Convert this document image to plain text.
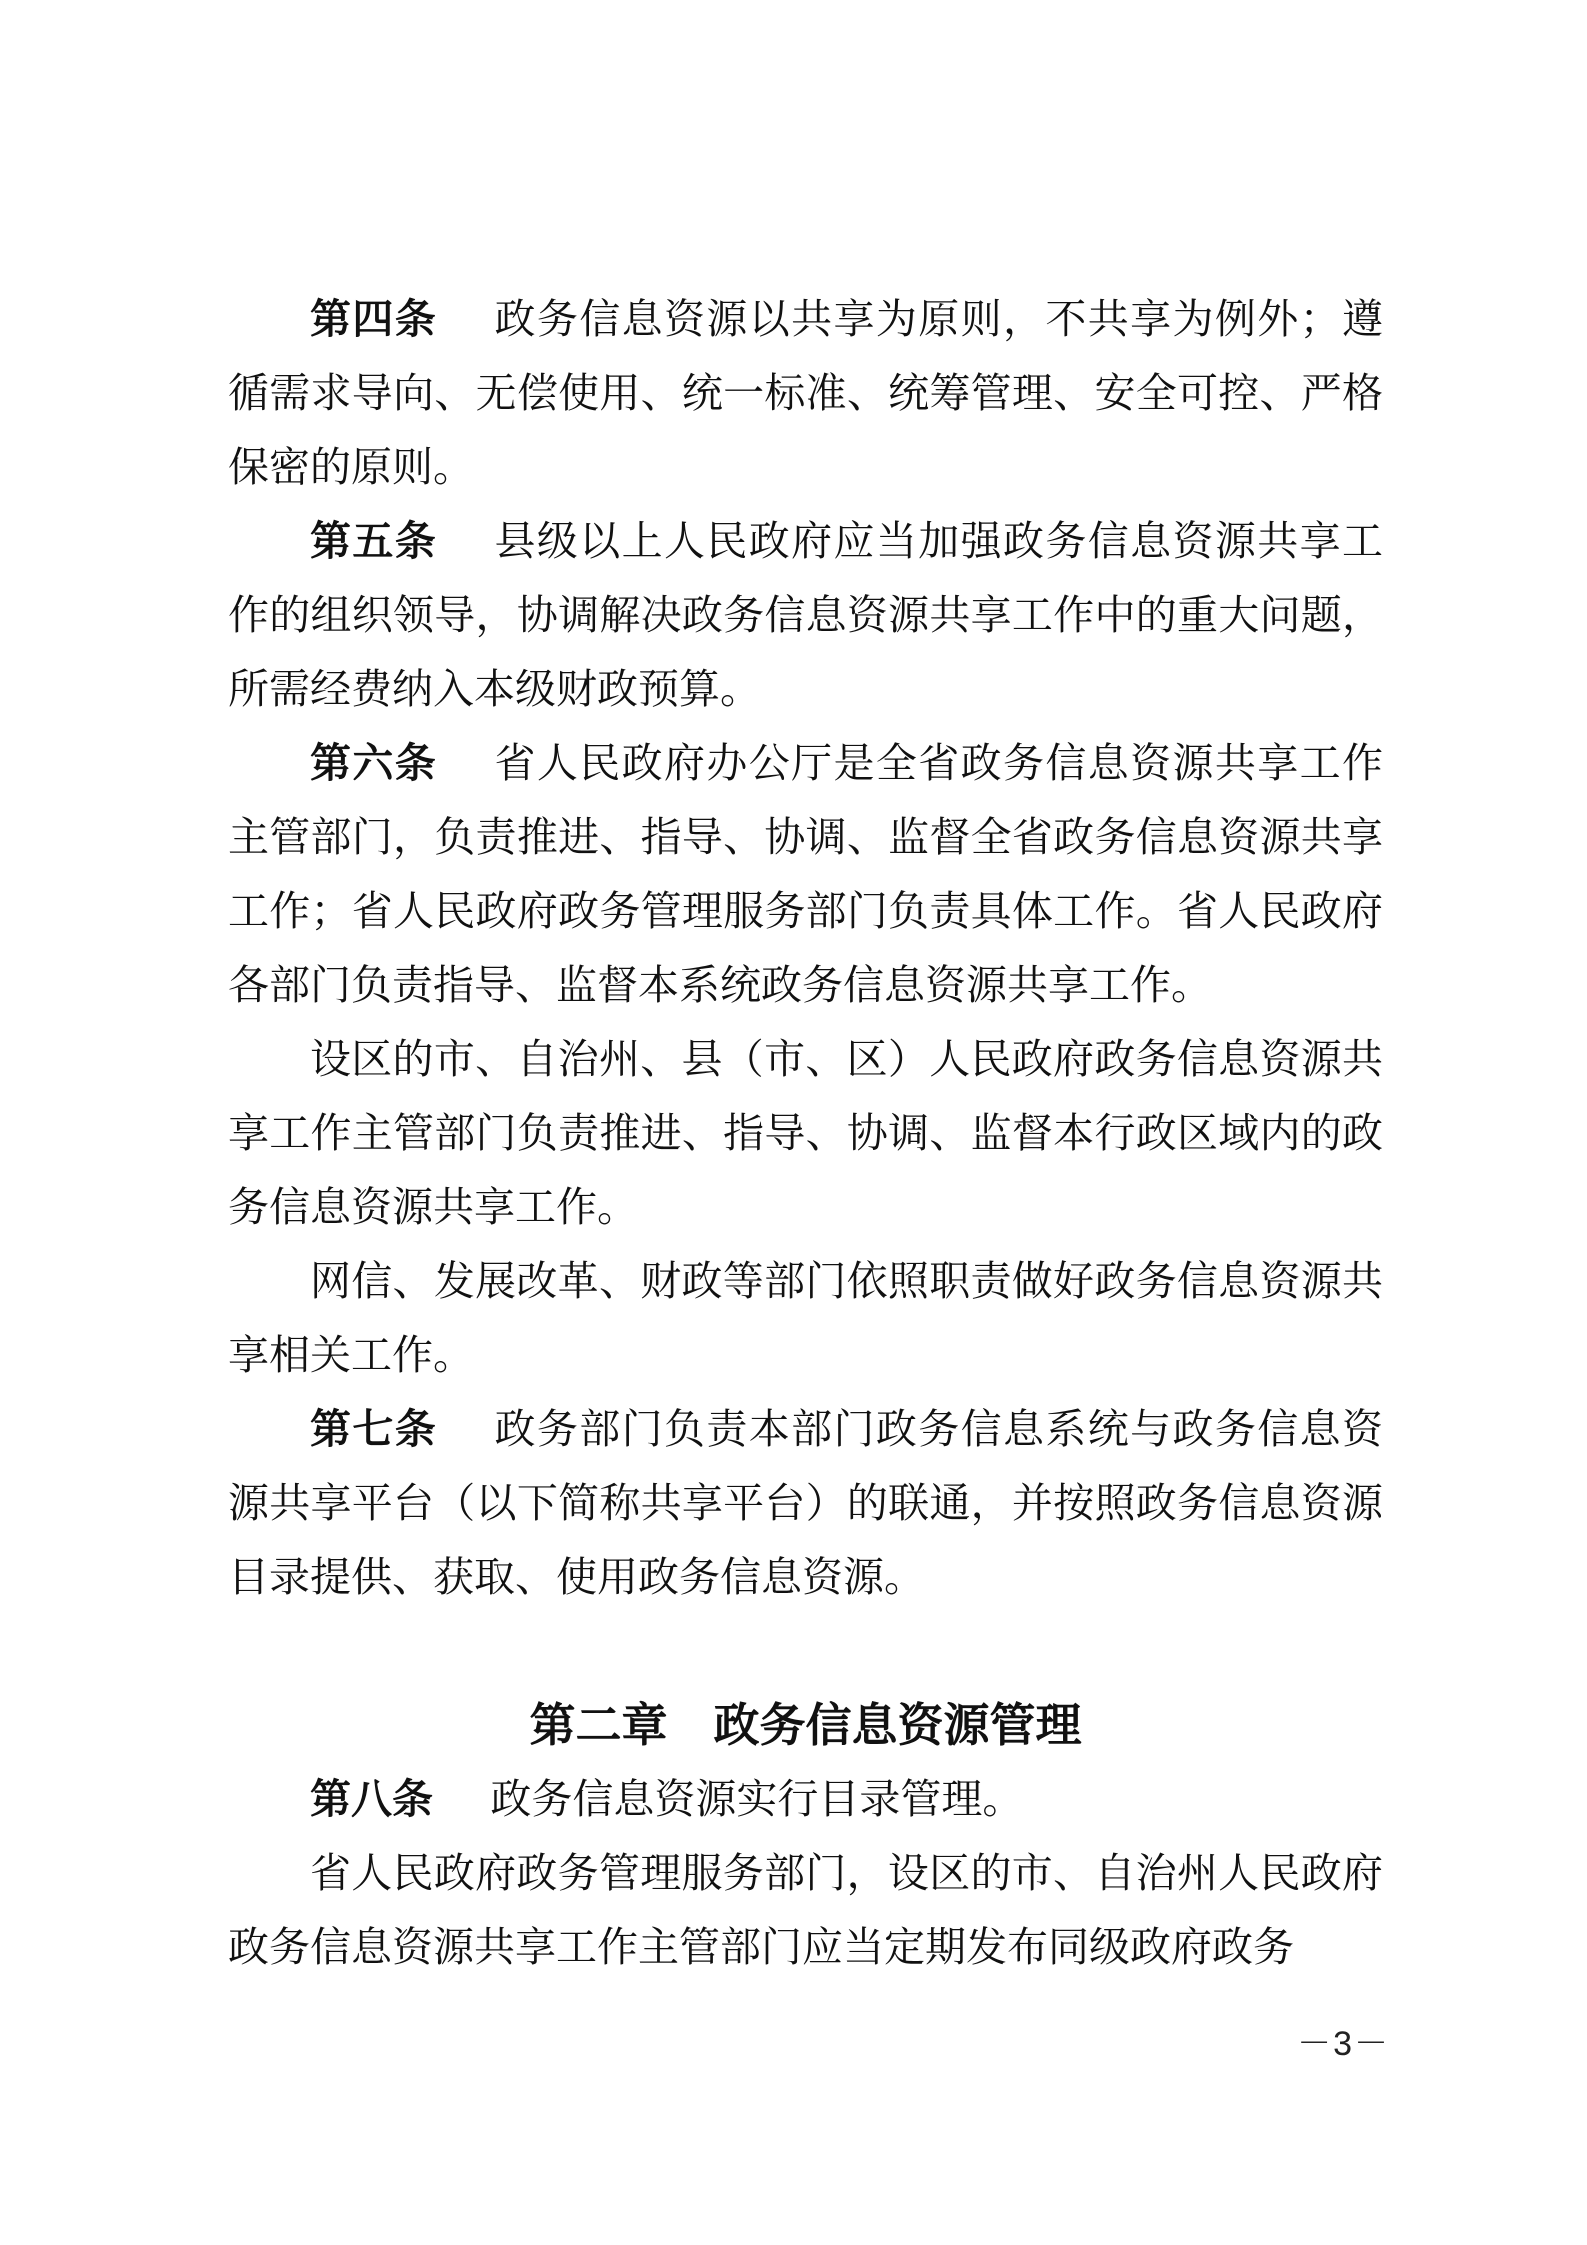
第四条 政务信息资源以共享为原则，不共享为例外；遵循需求导向、无偿使用、统一标准、统筹管理、安全可控、严格保密的原则。

第五条 县级以上人民政府应当加强政务信息资源共享工作的组织领导，协调解决政务信息资源共享工作中的重大问题，所需经费纳入本级财政预算。

第六条 省人民政府办公厅是全省政务信息资源共享工作主管部门，负责推进、指导、协调、监督全省政务信息资源共享工作；省人民政府政务管理服务部门负责具体工作。省人民政府各部门负责指导、监督本系统政务信息资源共享工作。

设区的市、自治州、县（市、区）人民政府政务信息资源共享工作主管部门负责推进、指导、协调、监督本行政区域内的政务信息资源共享工作。

网信、发展改革、财政等部门依照职责做好政务信息资源共享相关工作。

第七条 政务部门负责本部门政务信息系统与政务信息资源共享平台（以下简称共享平台）的联通，并按照政务信息资源目录提供、获取、使用政务信息资源。

第二章　政务信息资源管理

第八条 政务信息资源实行目录管理。

省人民政府政务管理服务部门，设区的市、自治州人民政府政务信息资源共享工作主管部门应当定期发布同级政府政务

－3－
